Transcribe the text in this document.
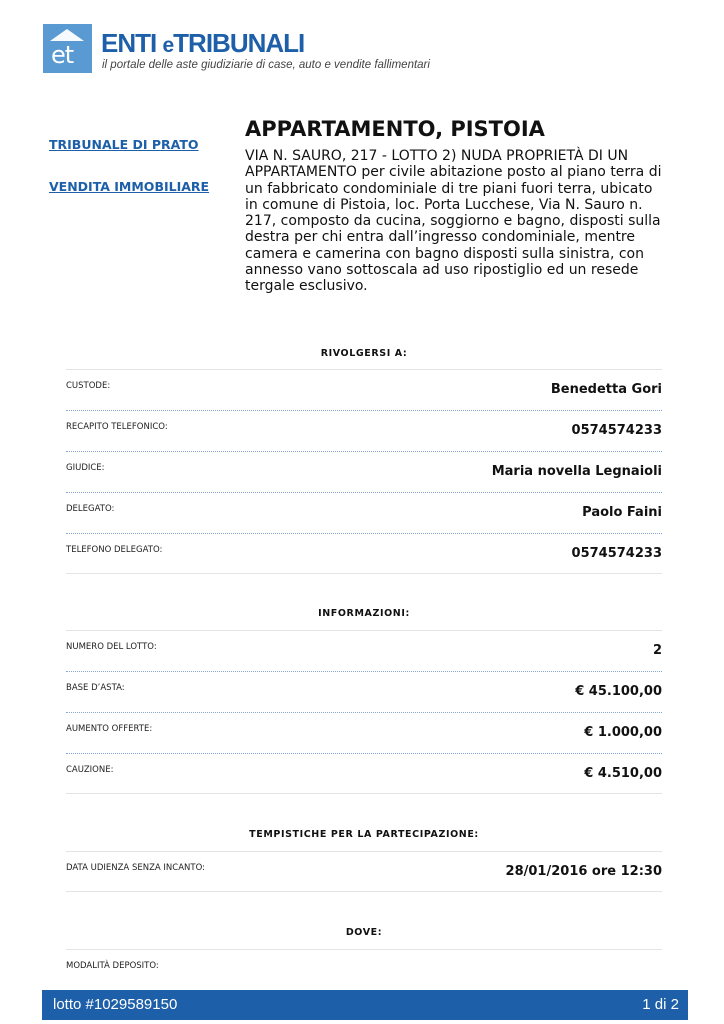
et ENTI eTRIBUNALI
il portale delle aste giudiziarie di case, auto e vendite fallimentari
TRIBUNALE DI PRATO
VENDITA IMMOBILIARE
APPARTAMENTO, PISTOIA
VIA N. SAURO, 217 - LOTTO 2) NUDA PROPRIETÀ DI UN APPARTAMENTO per civile abitazione posto al piano terra di un fabbricato condominiale di tre piani fuori terra, ubicato in comune di Pistoia, loc. Porta Lucchese, Via N. Sauro n. 217, composto da cucina, soggiorno e bagno, disposti sulla destra per chi entra dall’ingresso condominiale, mentre camera e camerina con bagno disposti sulla sinistra, con annesso vano sottoscala ad uso ripostiglio ed un resede tergale esclusivo.
RIVOLGERSI A:
CUSTODE:	Benedetta Gori
RECAPITO TELEFONICO:	0574574233
GIUDICE:	Maria novella Legnaioli
DELEGATO:	Paolo Faini
TELEFONO DELEGATO:	0574574233
INFORMAZIONI:
NUMERO DEL LOTTO:	2
BASE D’ASTA:	€ 45.100,00
AUMENTO OFFERTE:	€ 1.000,00
CAUZIONE:	€ 4.510,00
TEMPISTICHE PER LA PARTECIPAZIONE:
DATA UDIENZA SENZA INCANTO:	28/01/2016 ore 12:30
DOVE:
MODALITÀ DEPOSITO:
lotto #1029589150	1 di 2
